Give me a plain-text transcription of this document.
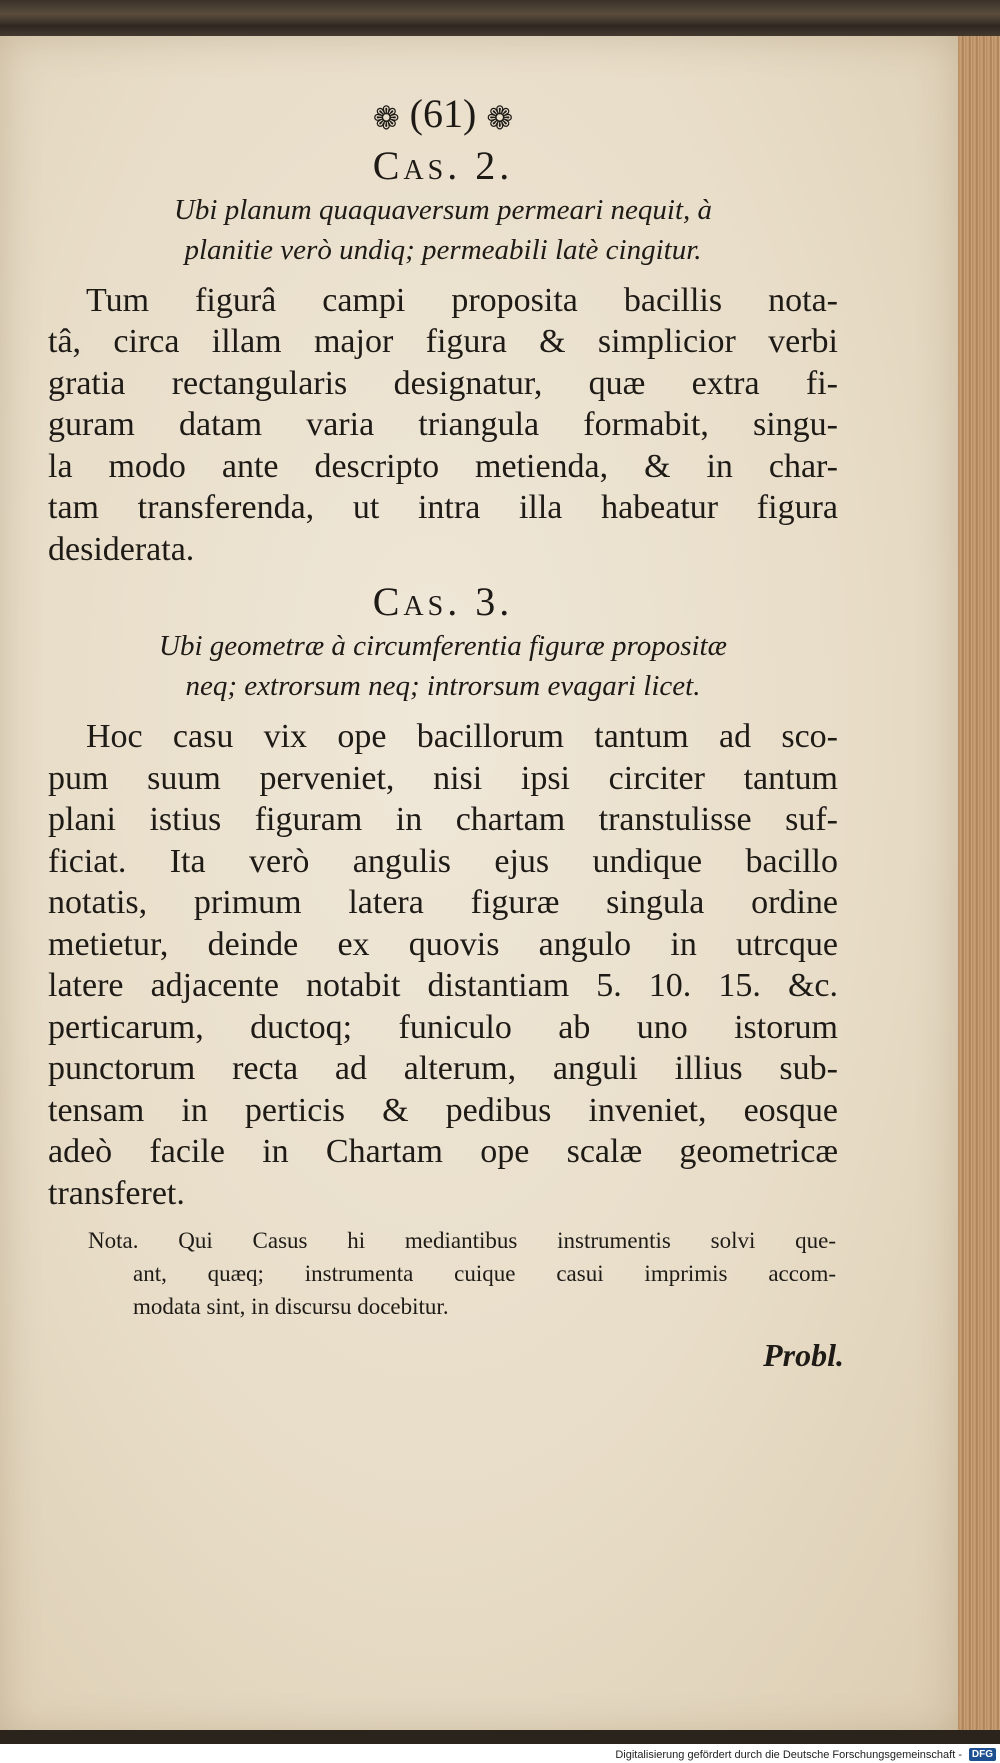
❁ (61) ❁
Cas. 2.
Ubi planum quaquaversum permeari nequit, à
planitie verò undiq; permeabili latè cingitur.
Tum figurâ campi proposita bacillis nota-
tâ, circa illam major figura & simplicior verbi
gratia rectangularis designatur, quæ extra fi-
guram datam varia triangula formabit, singu-
la modo ante descripto metienda, & in char-
tam transferenda, ut intra illa habeatur figura
desiderata.
Cas. 3.
Ubi geometræ à circumferentia figuræ propositæ
neq; extrorsum neq; introrsum evagari licet.
Hoc casu vix ope bacillorum tantum ad sco-
pum suum perveniet, nisi ipsi circiter tantum
plani istius figuram in chartam transtulisse suf-
ficiat. Ita verò angulis ejus undique bacillo
notatis, primum latera figuræ singula ordine
metietur, deinde ex quovis angulo in utrcque
latere adjacente notabit distantiam 5. 10. 15. &c.
perticarum, ductoq; funiculo ab uno istorum
punctorum recta ad alterum, anguli illius sub-
tensam in perticis & pedibus inveniet, eosque
adeò facile in Chartam ope scalæ geometricæ
transferet.
Nota. Qui Casus hi mediantibus instrumentis solvi que-
ant, quæq; instrumenta cuique casui imprimis accom-
modata sint, in discursu docebitur.
Probl.
Digitalisierung gefördert durch die Deutsche Forschungsgemeinschaft - DFG
